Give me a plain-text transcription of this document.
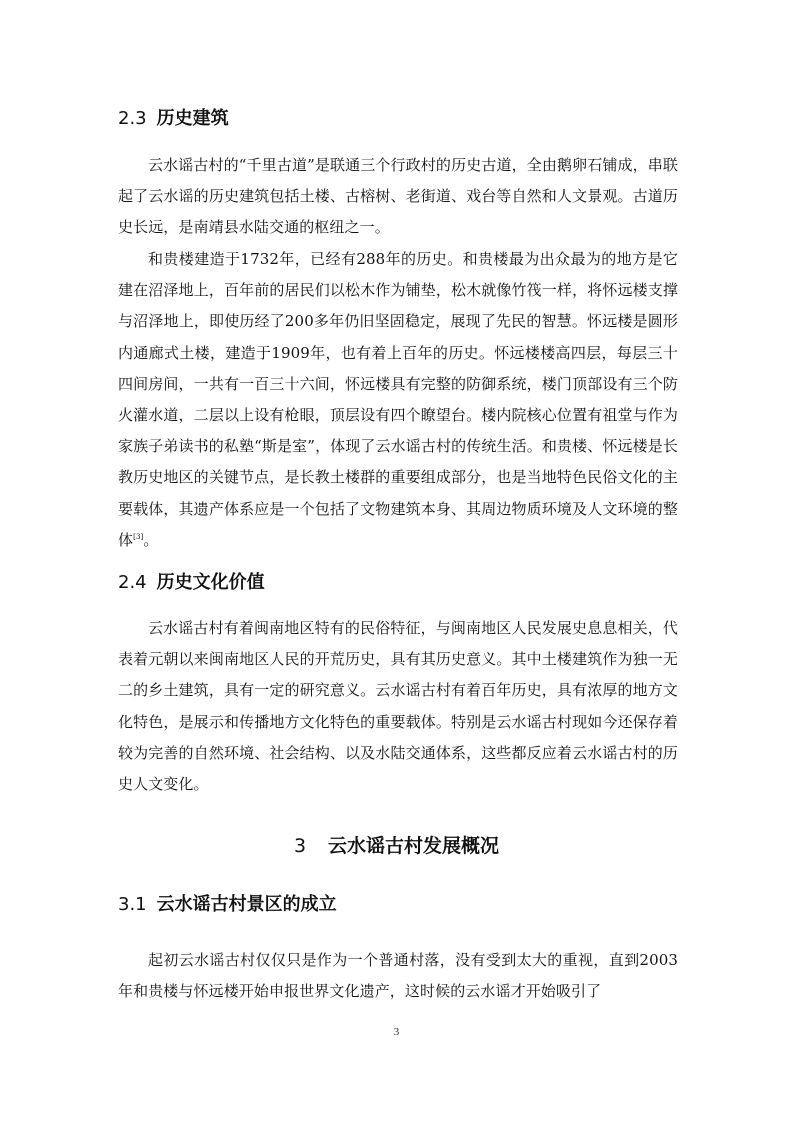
2.3 历史建筑

云水谣古村的“千里古道”是联通三个行政村的历史古道，全由鹅卵石铺成，串联起了云水谣的历史建筑包括土楼、古榕树、老街道、戏台等自然和人文景观。古道历史长远，是南靖县水陆交通的枢纽之一。

和贵楼建造于1732年，已经有288年的历史。和贵楼最为出众最为的地方是它建在沼泽地上，百年前的居民们以松木作为铺垫，松木就像竹筏一样，将怀远楼支撑与沼泽地上，即使历经了200多年仍旧坚固稳定，展现了先民的智慧。怀远楼是圆形内通廊式土楼，建造于1909年，也有着上百年的历史。怀远楼楼高四层，每层三十四间房间，一共有一百三十六间，怀远楼具有完整的防御系统，楼门顶部设有三个防火灌水道，二层以上设有枪眼，顶层设有四个瞭望台。楼内院核心位置有祖堂与作为家族子弟读书的私塾“斯是室”，体现了云水谣古村的传统生活。和贵楼、怀远楼是长教历史地区的关键节点，是长教土楼群的重要组成部分，也是当地特色民俗文化的主要载体，其遗产体系应是一个包括了文物建筑本身、其周边物质环境及人文环境的整体[3]。

2.4 历史文化价值

云水谣古村有着闽南地区特有的民俗特征，与闽南地区人民发展史息息相关，代表着元朝以来闽南地区人民的开荒历史，具有其历史意义。其中土楼建筑作为独一无二的乡土建筑，具有一定的研究意义。云水谣古村有着百年历史，具有浓厚的地方文化特色，是展示和传播地方文化特色的重要载体。特别是云水谣古村现如今还保存着较为完善的自然环境、社会结构、以及水陆交通体系，这些都反应着云水谣古村的历史人文变化。

3 云水谣古村发展概况
3.1 云水谣古村景区的成立

起初云水谣古村仅仅只是作为一个普通村落，没有受到太大的重视，直到2003年和贵楼与怀远楼开始申报世界文化遗产，这时候的云水谣才开始吸引了

3
